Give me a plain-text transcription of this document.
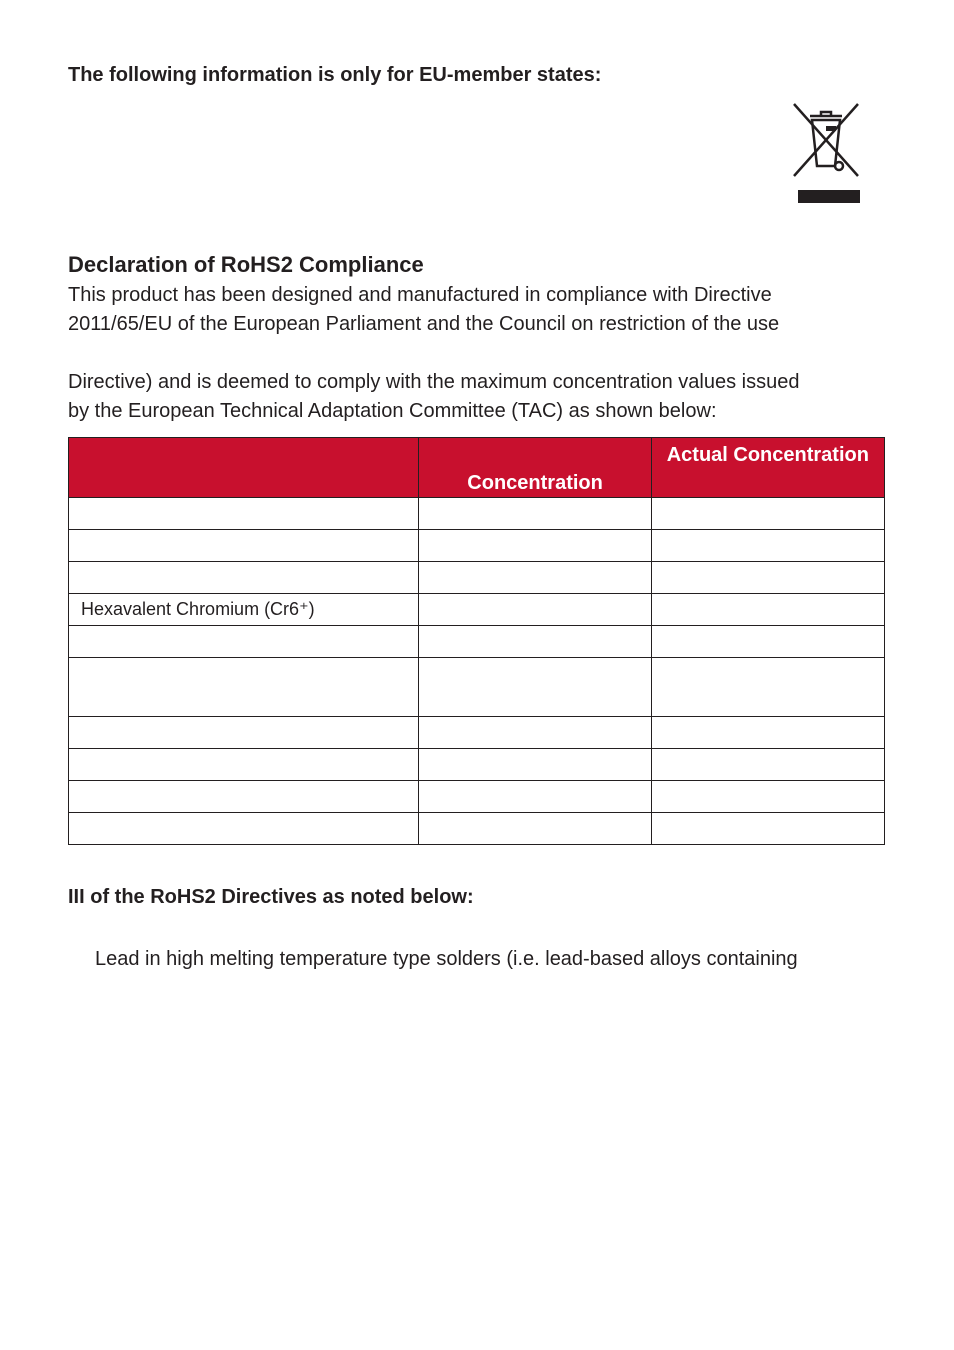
The following information is only for EU-member states:
Declaration of RoHS2 Compliance
This product has been designed and manufactured in compliance with Directive
2011/65/EU of the European Parliament and the Council on restriction of the use
Directive) and is deemed to comply with the maximum concentration values issued
by the European Technical Adaptation Committee (TAC) as shown below:
	Concentration	Actual Concentration

Hexavalent Chromium (Cr6⁺)		

III of the RoHS2 Directives as noted below:
Lead in high melting temperature type solders (i.e. lead-based alloys containing
